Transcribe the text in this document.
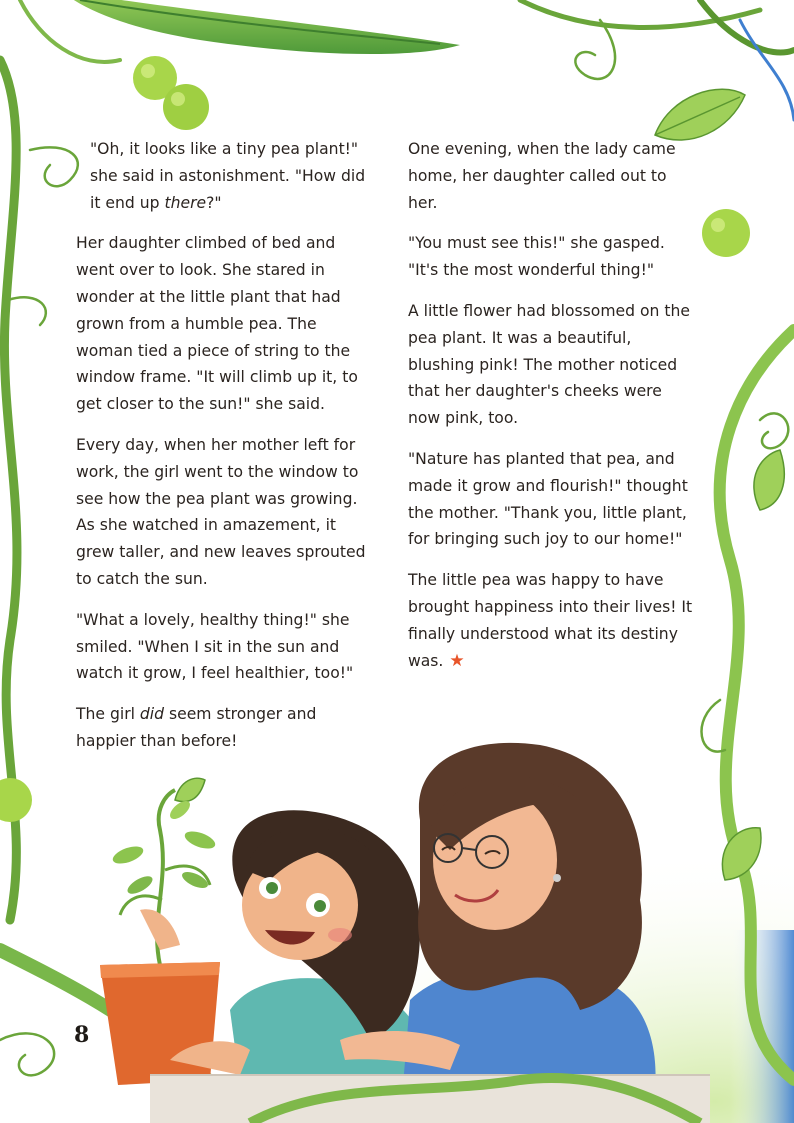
"Oh, it looks like a tiny pea plant!" she said in astonishment. "How did it end up there?"

Her daughter climbed of bed and went over to look. She stared in wonder at the little plant that had grown from a humble pea. The woman tied a piece of string to the window frame. "It will climb up it, to get closer to the sun!" she said.

Every day, when her mother left for work, the girl went to the window to see how the pea plant was growing. As she watched in amazement, it grew taller, and new leaves sprouted to catch the sun.

"What a lovely, healthy thing!" she smiled. "When I sit in the sun and watch it grow, I feel healthier, too!"

The girl did seem stronger and happier than before!

One evening, when the lady came home, her daughter called out to her.

"You must see this!" she gasped. "It's the most wonderful thing!"

A little flower had blossomed on the pea plant. It was a beautiful, blushing pink! The mother noticed that her daughter's cheeks were now pink, too.

"Nature has planted that pea, and made it grow and flourish!" thought the mother. "Thank you, little plant, for bringing such joy to our home!"

The little pea was happy to have brought happiness into their lives! It finally understood what its destiny was. ★

8
